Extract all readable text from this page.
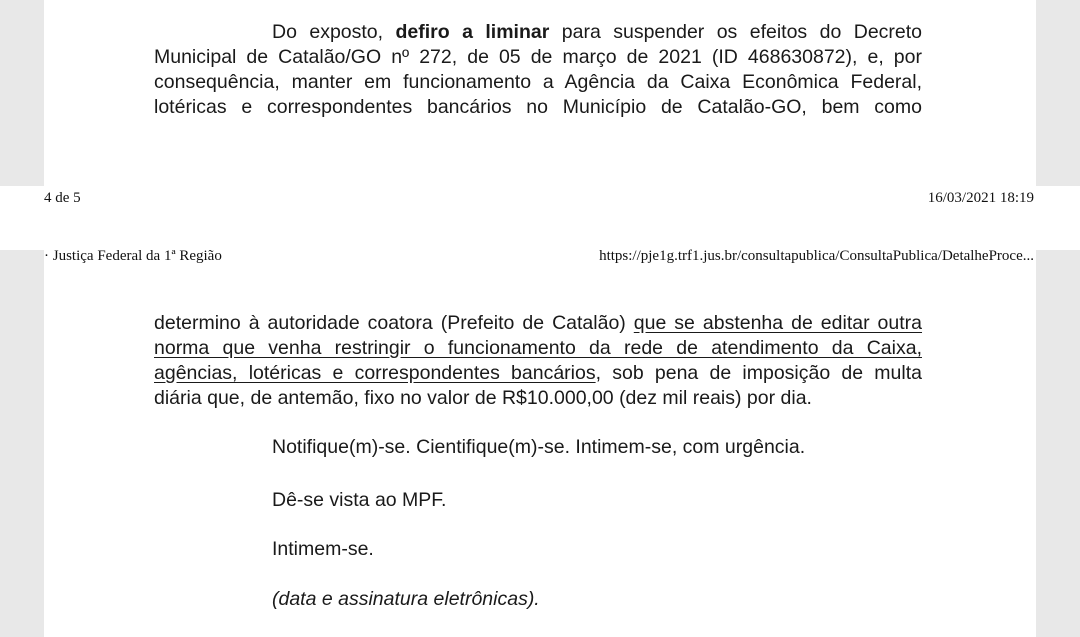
Do exposto, defiro a liminar para suspender os efeitos do Decreto
Municipal de Catalão/GO nº 272, de 05 de março de 2021 (ID 468630872), e, por
consequência, manter em funcionamento a Agência da Caixa Econômica Federal,
lotéricas e correspondentes bancários no Município de Catalão-GO, bem como
4 de 5	16/03/2021 18:19
· Justiça Federal da 1ª Região	https://pje1g.trf1.jus.br/consultapublica/ConsultaPublica/DetalheProce...
determino à autoridade coatora (Prefeito de Catalão) que se abstenha de editar outra
norma que venha restringir o funcionamento da rede de atendimento da Caixa,
agências, lotéricas e correspondentes bancários, sob pena de imposição de multa
diária que, de antemão, fixo no valor de R$10.000,00 (dez mil reais) por dia.
Notifique(m)-se. Cientifique(m)-se. Intimem-se, com urgência.
Dê-se vista ao MPF.
Intimem-se.
(data e assinatura eletrônicas).
